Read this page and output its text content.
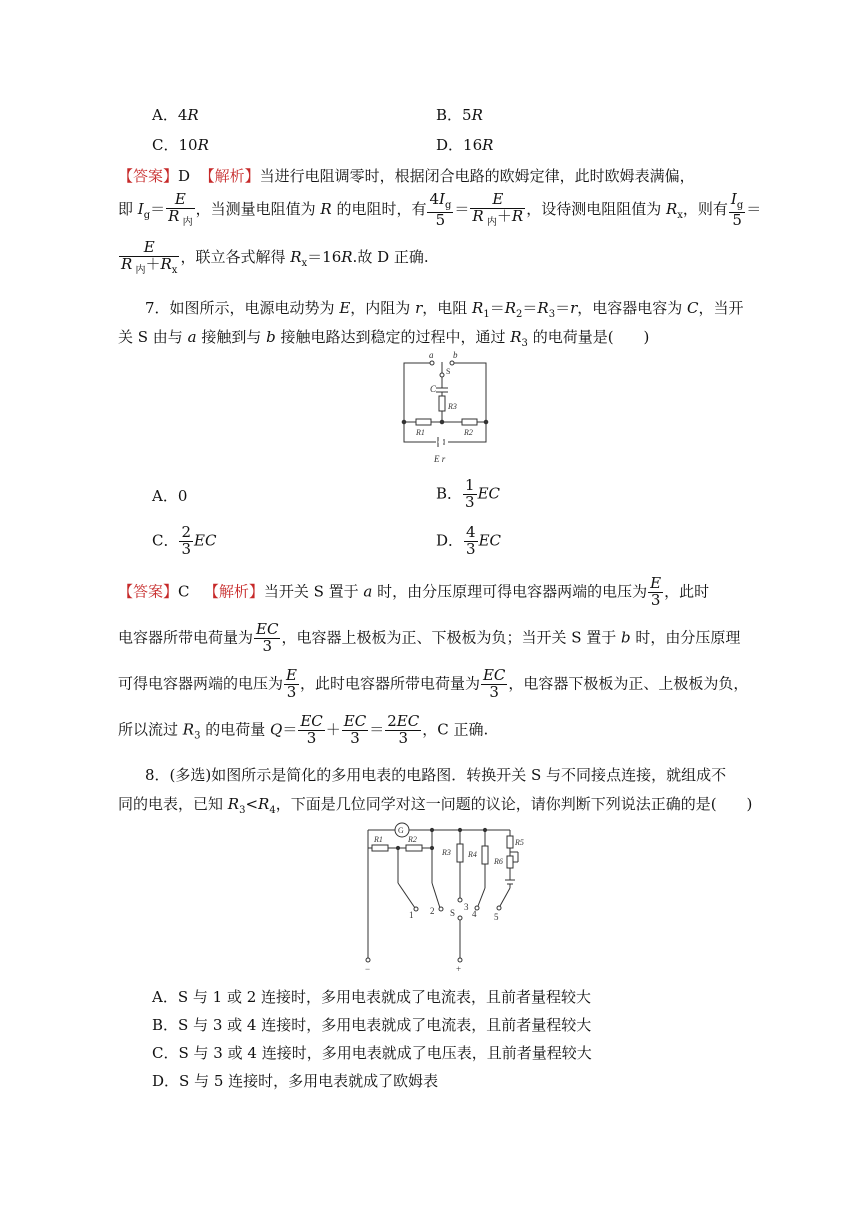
A．4R	B．5R
C．10R	D．16R
【答案】D 【解析】当进行电阻调零时，根据闭合电路的欧姆定律，此时欧姆表满偏，
即 $I_g= \frac{E}{R _内}$ ，当测量电阻值为 R 的电阻时，有 $\frac{4I_g}{5} = \frac{E}{R _内+R}$ ，设待测电阻阻值为 $R_x$，则有 $\frac{I_g}{5}$ ＝
$\frac{E}{R _内+R_x}$ ，联立各式解得 $R_x=16R$.故 D 正确.
7．如图所示，电源电动势为 E，内阻为 r，电阻 $R_1=R_2=R_3=r$，电容器电容为 C，当开
关 S 由与 a 接触到与 b 接触电路达到稳定的过程中，通过 $R_3$ 的电荷量是(　　)
a b
S
C
R3
R1	R2
E r
A．0	B． $\frac{1}{3}$ EC
C． $\frac{2}{3}$ EC	D． $\frac{4}{3}$ EC
【答案】C 【解析】当开关 S 置于 a 时，由分压原理可得电容器两端的电压为 $\frac{E}{3}$ ，此时
电容器所带电荷量为 $\frac{EC}{3}$ ，电容器上极板为正、下极板为负；当开关 S 置于 b 时，由分压原理
可得电容器两端的电压为 $\frac{E}{3}$ ，此时电容器所带电荷量为 $\frac{EC}{3}$ ，电容器下极板为正、上极板为负，
所以流过 $R_3$ 的电荷量 $Q= \frac{EC}{3} + \frac{EC}{3} = \frac{2EC}{3}$ ，C 正确.
8．(多选)如图所示是简化的多用电表的电路图．转换开关 S 与不同接点连接，就组成不
同的电表，已知 $R_3<R_4$，下面是几位同学对这一问题的议论，请你判断下列说法正确的是(　　)
G
R1	R2
R3 R4
R5
R6
1 2	3
4 5
S
−	+
A．S 与 1 或 2 连接时，多用电表就成了电流表，且前者量程较大
B．S 与 3 或 4 连接时，多用电表就成了电流表，且前者量程较大
C．S 与 3 或 4 连接时，多用电表就成了电压表，且前者量程较大
D．S 与 5 连接时，多用电表就成了欧姆表
